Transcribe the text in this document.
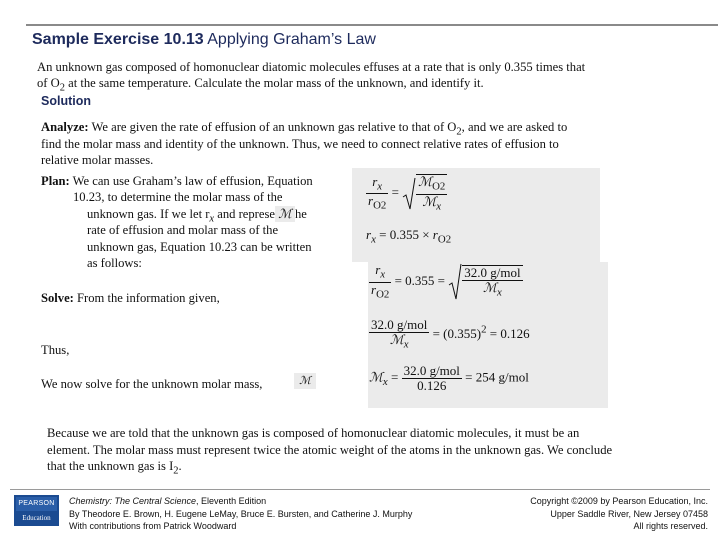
Sample Exercise 10.13 Applying Graham’s Law
An unknown gas composed of homonuclear diatomic molecules effuses at a rate that is only 0.355 times that
of $O_2$ at the same temperature. Calculate the molar mass of the unknown, and identify it.
Solution
Analyze: We are given the rate of effusion of an unknown gas relative to that of $O_2$, and we are asked to
find the molar mass and identity of the unknown. Thus, we need to connect relative rates of effusion to
relative molar masses.
Plan: We can use Graham’s law of effusion, Equation
10.23, to determine the molar mass of the
unknown gas. If we let $r_x$ and represe ℳ he
rate of effusion and molar mass of the
unknown gas, Equation 10.23 can be written
as follows:
Solve: From the information given,
Thus,
We now solve for the unknown molar mass,	ℳ
$\frac{r_x}{r_{O2}} = \frac{ℳ_{O2}}{ℳ_x}$
$r_x = 0.355 \times r_{O2}$
$\frac{r_x}{r_{O2}} = 0.355 = \frac{\text{32.0 g/mol}}{ℳ_x}$
$\frac{\text{32.0 g/mol}}{ℳ_x} = (0.355)^2 = 0.126$
ℳ$_x$ = $\frac{\text{32.0 g/mol}}{0.126} = 254$ g/mol
Because we are told that the unknown gas is composed of homonuclear diatomic molecules, it must be an
element. The molar mass must represent twice the atomic weight of the atoms in the unknown gas. We conclude
that the unknown gas is $I_2$.
PEARSON
Education
Chemistry: The Central Science, Eleventh Edition
By Theodore E. Brown, H. Eugene LeMay, Bruce E. Bursten, and Catherine J. Murphy
With contributions from Patrick Woodward
Copyright ©2009 by Pearson Education, Inc.
Upper Saddle River, New Jersey 07458
All rights reserved.
